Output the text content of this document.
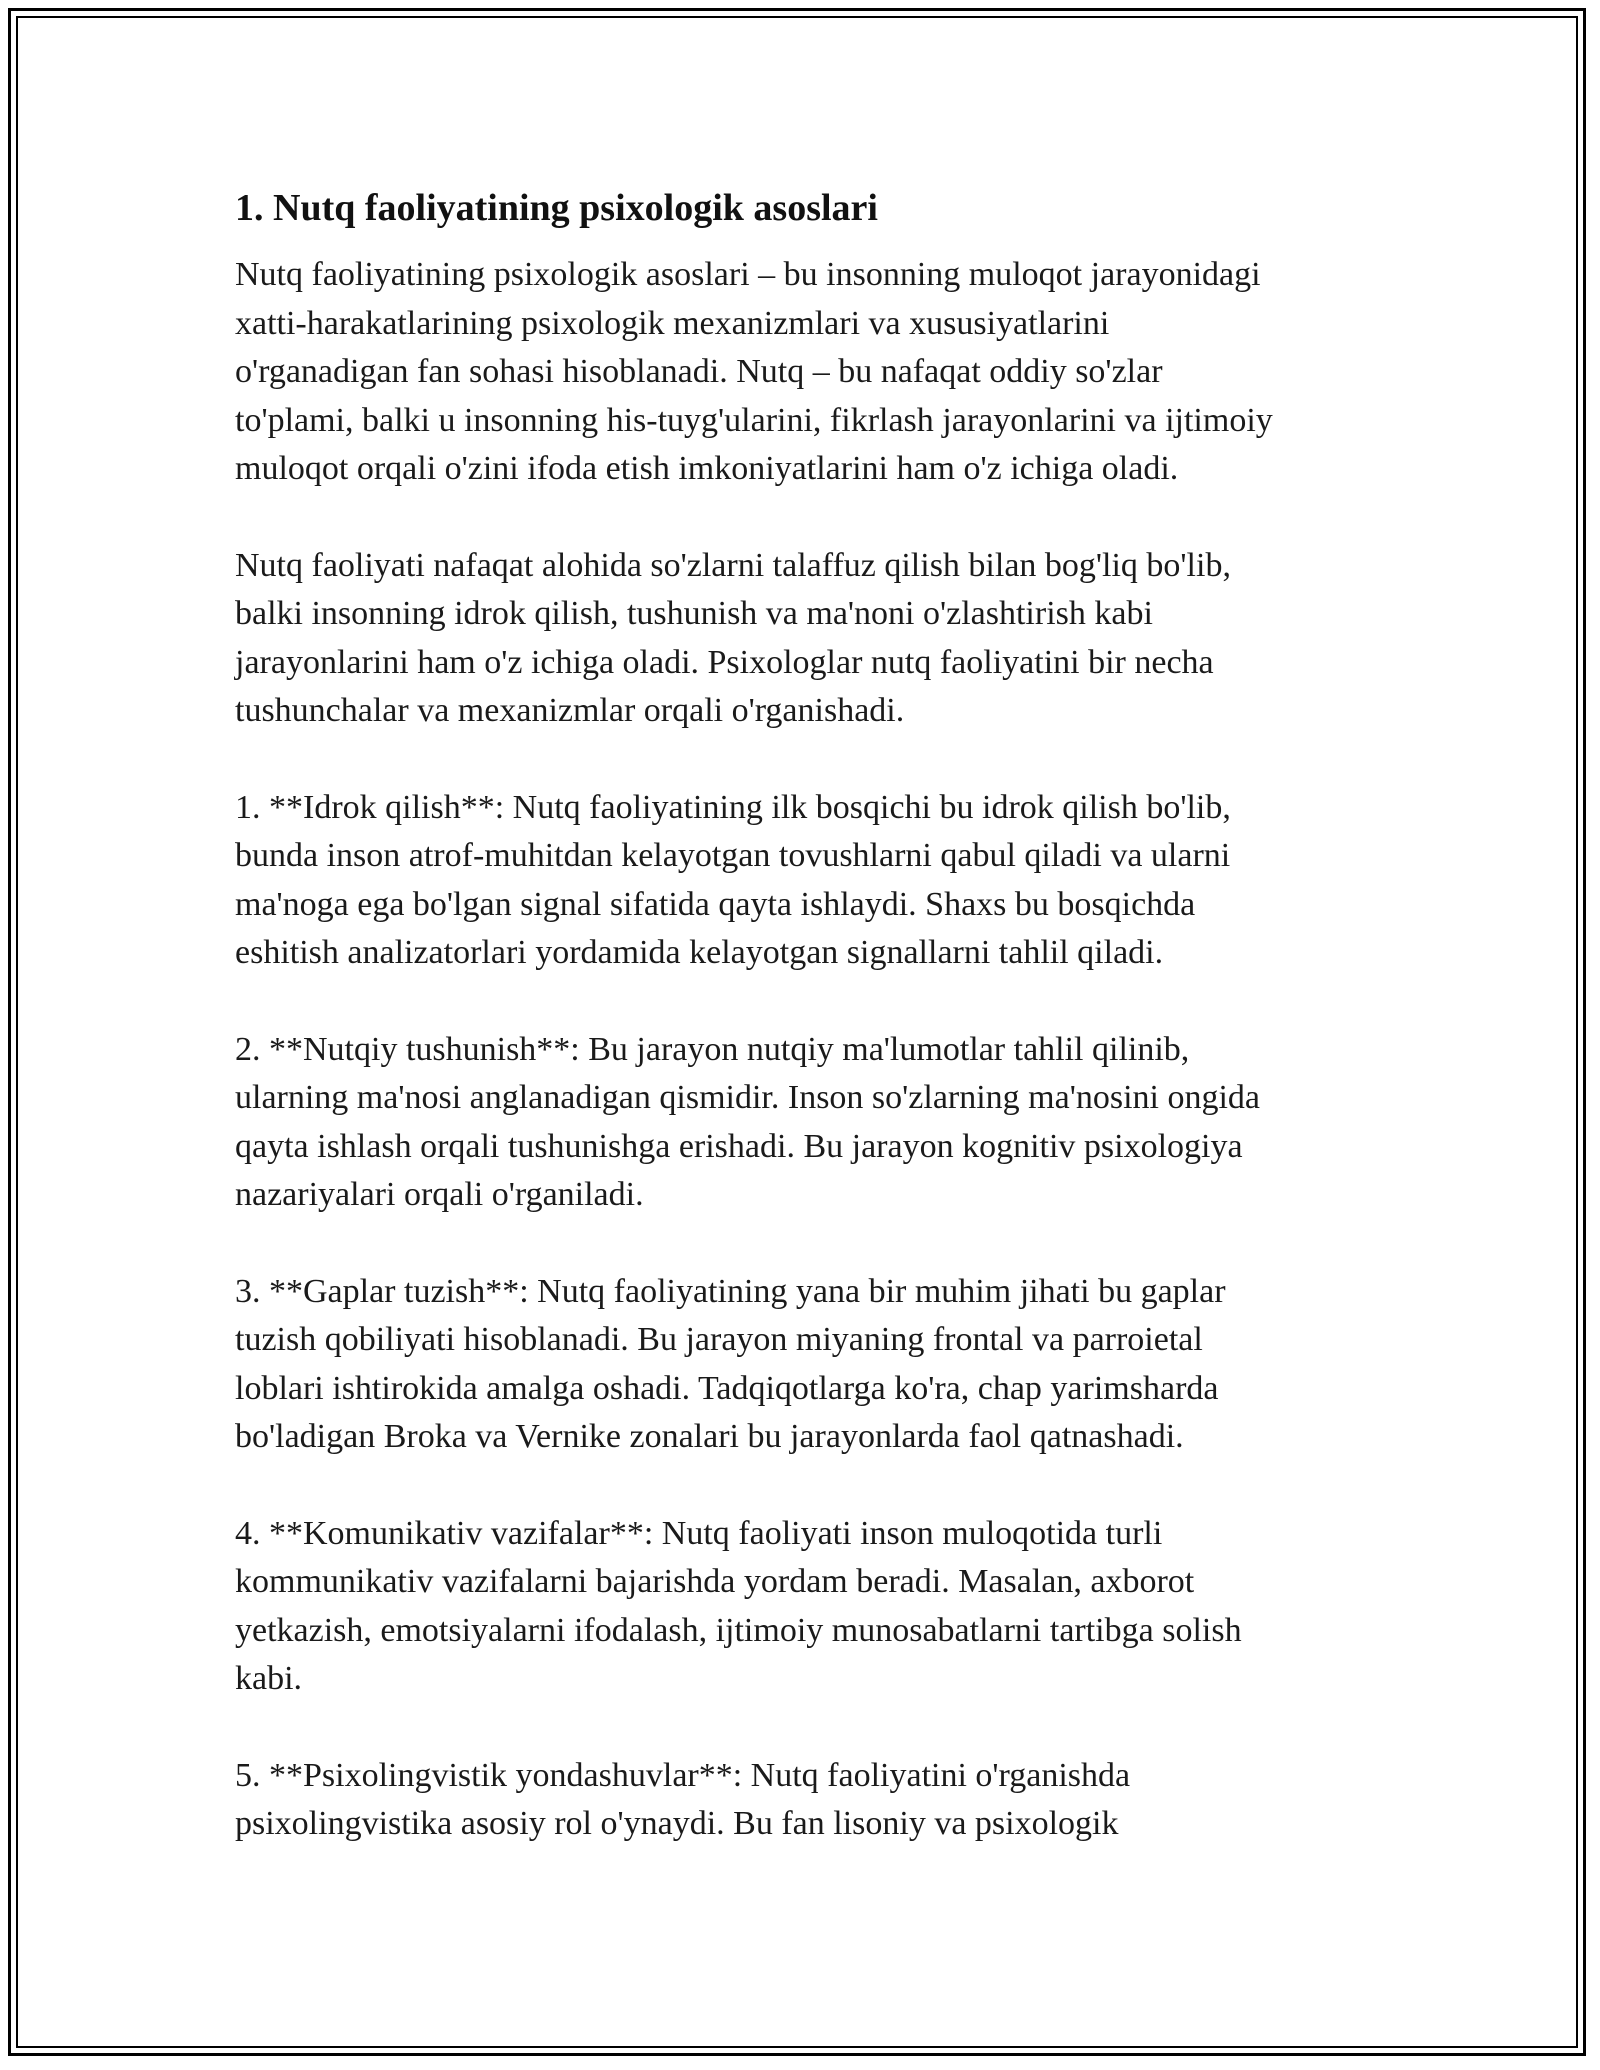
1. Nutq faoliyatining psixologik asoslari

Nutq faoliyatining psixologik asoslari – bu insonning muloqot jarayonidagi
xatti-harakatlarining psixologik mexanizmlari va xususiyatlarini
o'rganadigan fan sohasi hisoblanadi. Nutq – bu nafaqat oddiy so'zlar
to'plami, balki u insonning his-tuyg'ularini, fikrlash jarayonlarini va ijtimoiy
muloqot orqali o'zini ifoda etish imkoniyatlarini ham o'z ichiga oladi.

Nutq faoliyati nafaqat alohida so'zlarni talaffuz qilish bilan bog'liq bo'lib,
balki insonning idrok qilish, tushunish va ma'noni o'zlashtirish kabi
jarayonlarini ham o'z ichiga oladi. Psixologlar nutq faoliyatini bir necha
tushunchalar va mexanizmlar orqali o'rganishadi.

1. **Idrok qilish**: Nutq faoliyatining ilk bosqichi bu idrok qilish bo'lib,
bunda inson atrof-muhitdan kelayotgan tovushlarni qabul qiladi va ularni
ma'noga ega bo'lgan signal sifatida qayta ishlaydi. Shaxs bu bosqichda
eshitish analizatorlari yordamida kelayotgan signallarni tahlil qiladi.

2. **Nutqiy tushunish**: Bu jarayon nutqiy ma'lumotlar tahlil qilinib,
ularning ma'nosi anglanadigan qismidir. Inson so'zlarning ma'nosini ongida
qayta ishlash orqali tushunishga erishadi. Bu jarayon kognitiv psixologiya
nazariyalari orqali o'rganiladi.

3. **Gaplar tuzish**: Nutq faoliyatining yana bir muhim jihati bu gaplar
tuzish qobiliyati hisoblanadi. Bu jarayon miyaning frontal va parroietal
loblari ishtirokida amalga oshadi. Tadqiqotlarga ko'ra, chap yarimsharda
bo'ladigan Broka va Vernike zonalari bu jarayonlarda faol qatnashadi.

4. **Komunikativ vazifalar**: Nutq faoliyati inson muloqotida turli
kommunikativ vazifalarni bajarishda yordam beradi. Masalan, axborot
yetkazish, emotsiyalarni ifodalash, ijtimoiy munosabatlarni tartibga solish
kabi.

5. **Psixolingvistik yondashuvlar**: Nutq faoliyatini o'rganishda
psixolingvistika asosiy rol o'ynaydi. Bu fan lisoniy va psixologik
